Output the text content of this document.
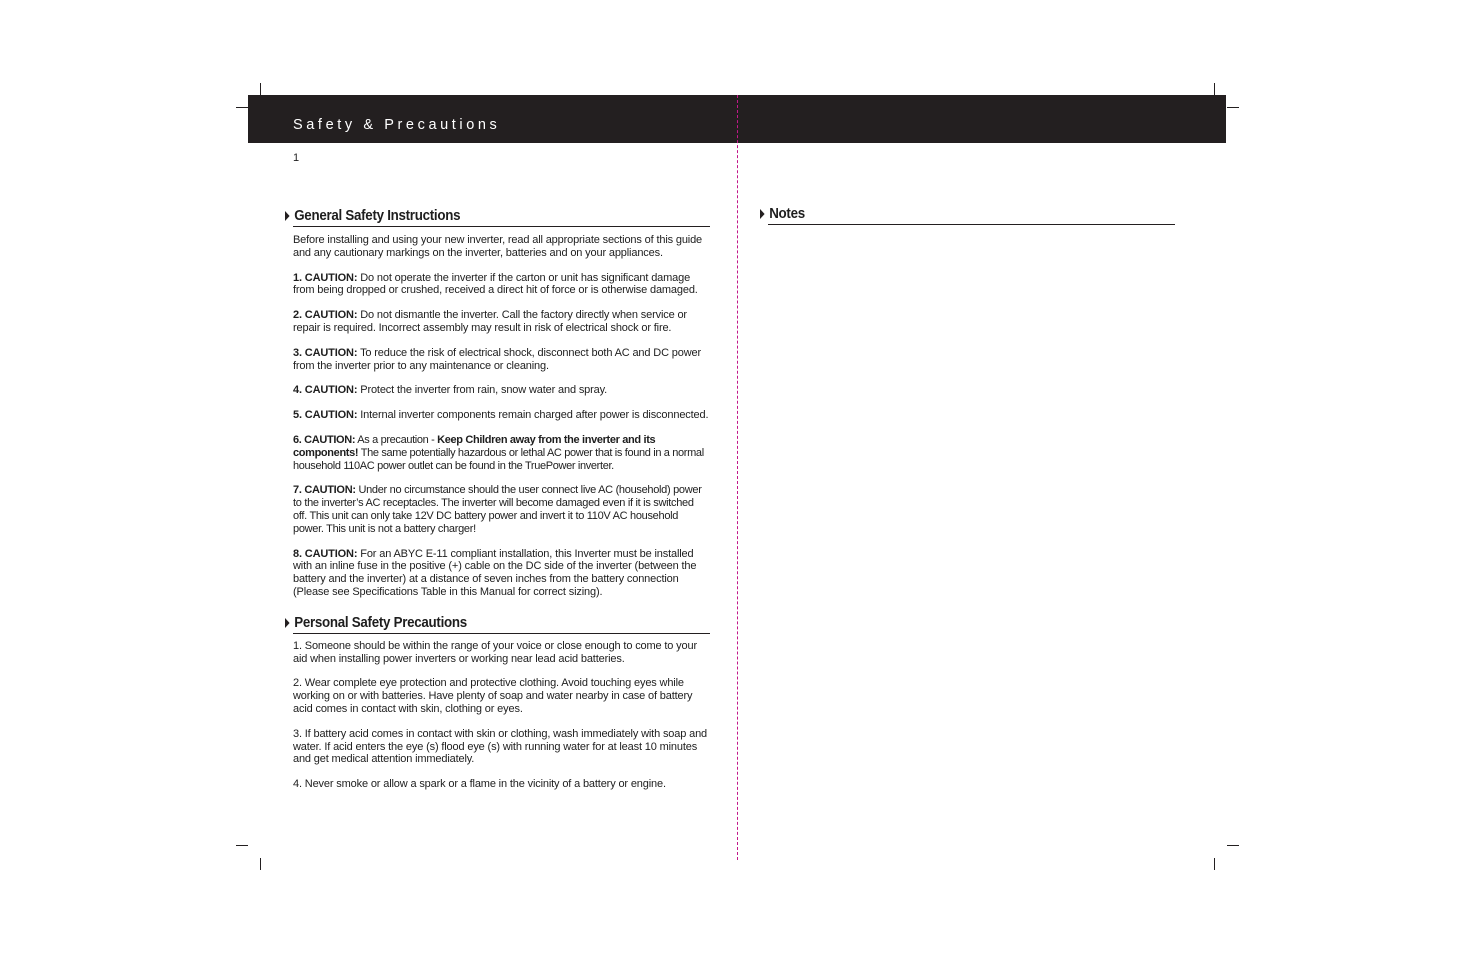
Safety & Precautions
1
General Safety Instructions

Before installing and using your new inverter, read all appropriate sections of this guide and any cautionary markings on the inverter, batteries and on your appliances.

1. CAUTION: Do not operate the inverter if the carton or unit has significant damage from being dropped or crushed, received a direct hit of force or is otherwise damaged.

2. CAUTION: Do not dismantle the inverter. Call the factory directly when service or repair is required. Incorrect assembly may result in risk of electrical shock or fire.

3. CAUTION: To reduce the risk of electrical shock, disconnect both AC and DC power from the inverter prior to any maintenance or cleaning.

4. CAUTION: Protect the inverter from rain, snow water and spray.

5. CAUTION: Internal inverter components remain charged after power is disconnected.

6. CAUTION: As a precaution - Keep Children away from the inverter and its components! The same potentially hazardous or lethal AC power that is found in a normal household 110AC power outlet can be found in the TruePower inverter.

7. CAUTION: Under no circumstance should the user connect live AC (household) power to the inverter’s AC receptacles. The inverter will become damaged even if it is switched off. This unit can only take 12V DC battery power and invert it to 110V AC household power. This unit is not a battery charger!

8. CAUTION: For an ABYC E-11 compliant installation, this Inverter must be installed with an inline fuse in the positive (+) cable on the DC side of the inverter (between the battery and the inverter) at a distance of seven inches from the battery connection (Please see Specifications Table in this Manual for correct sizing).

Personal Safety Precautions

1. Someone should be within the range of your voice or close enough to come to your aid when installing power inverters or working near lead acid batteries.

2. Wear complete eye protection and protective clothing. Avoid touching eyes while working on or with batteries. Have plenty of soap and water nearby in case of battery acid comes in contact with skin, clothing or eyes.

3. If battery acid comes in contact with skin or clothing, wash immediately with soap and water. If acid enters the eye (s) flood eye (s) with running water for at least 10 minutes and get medical attention immediately.

4. Never smoke or allow a spark or a flame in the vicinity of a battery or engine.

Notes
